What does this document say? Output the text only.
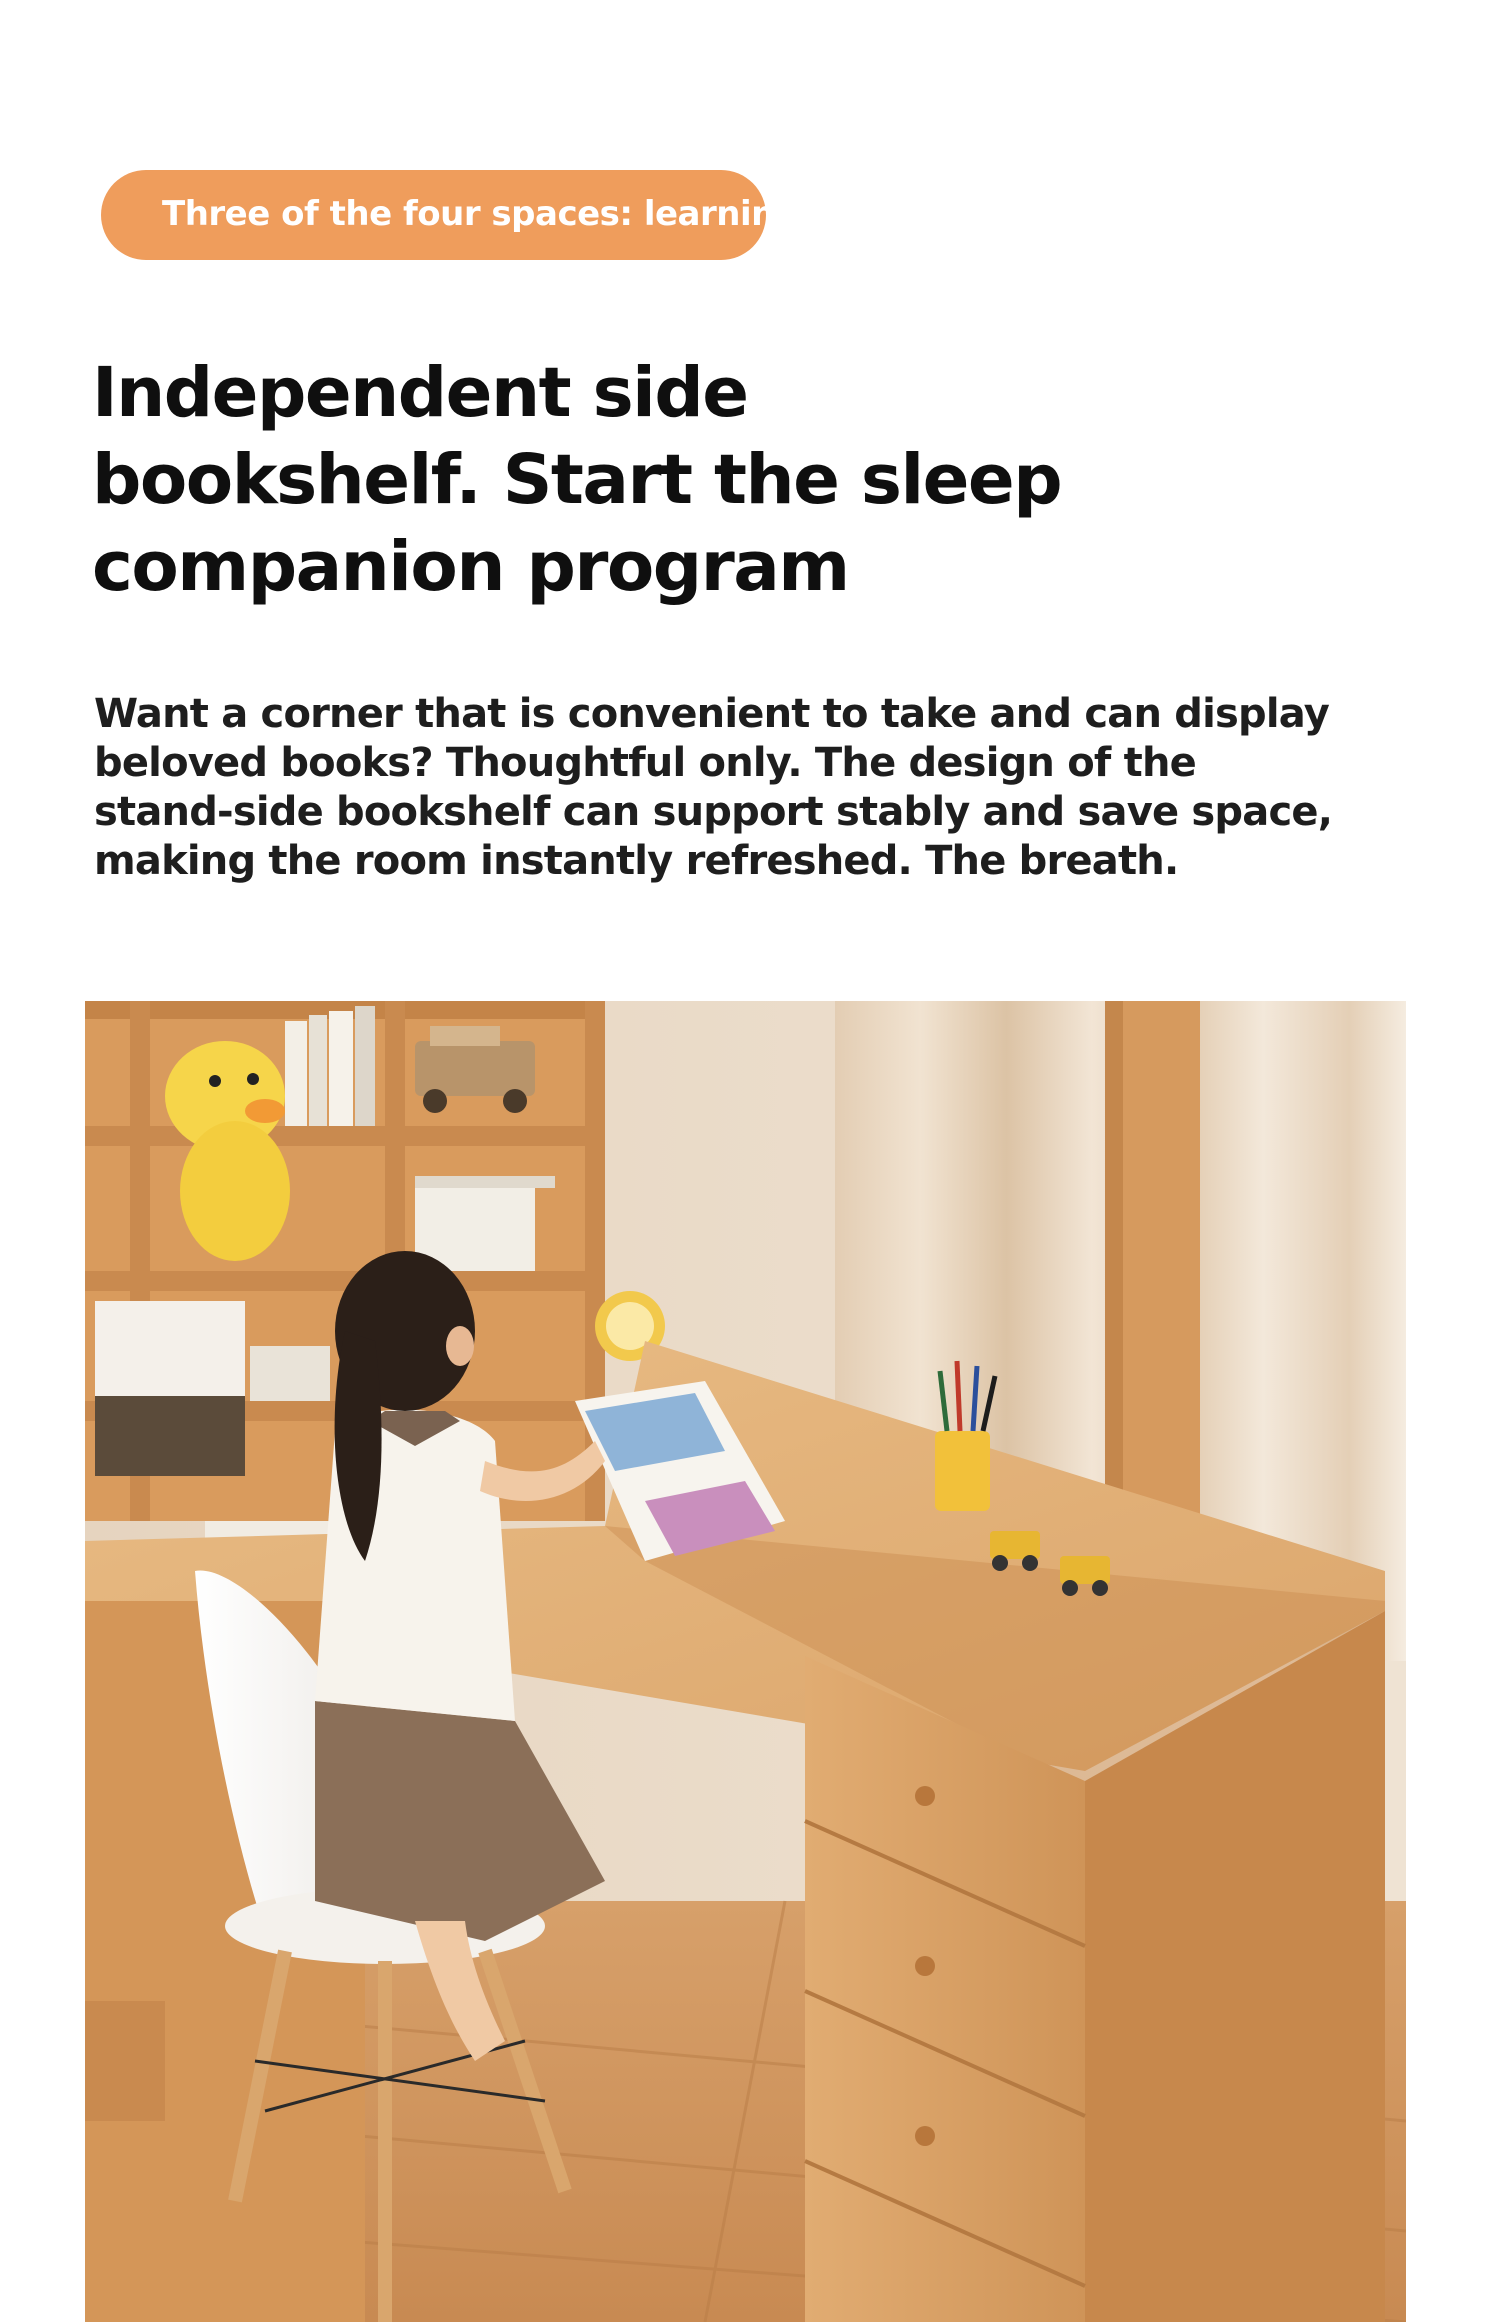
Three of the four spaces: learning area
Independent side
bookshelf. Start the sleep
companion program

Want a corner that is convenient to take and can display
beloved books? Thoughtful only. The design of the
stand-side bookshelf can support stably and save space,
making the room instantly refreshed. The breath.
